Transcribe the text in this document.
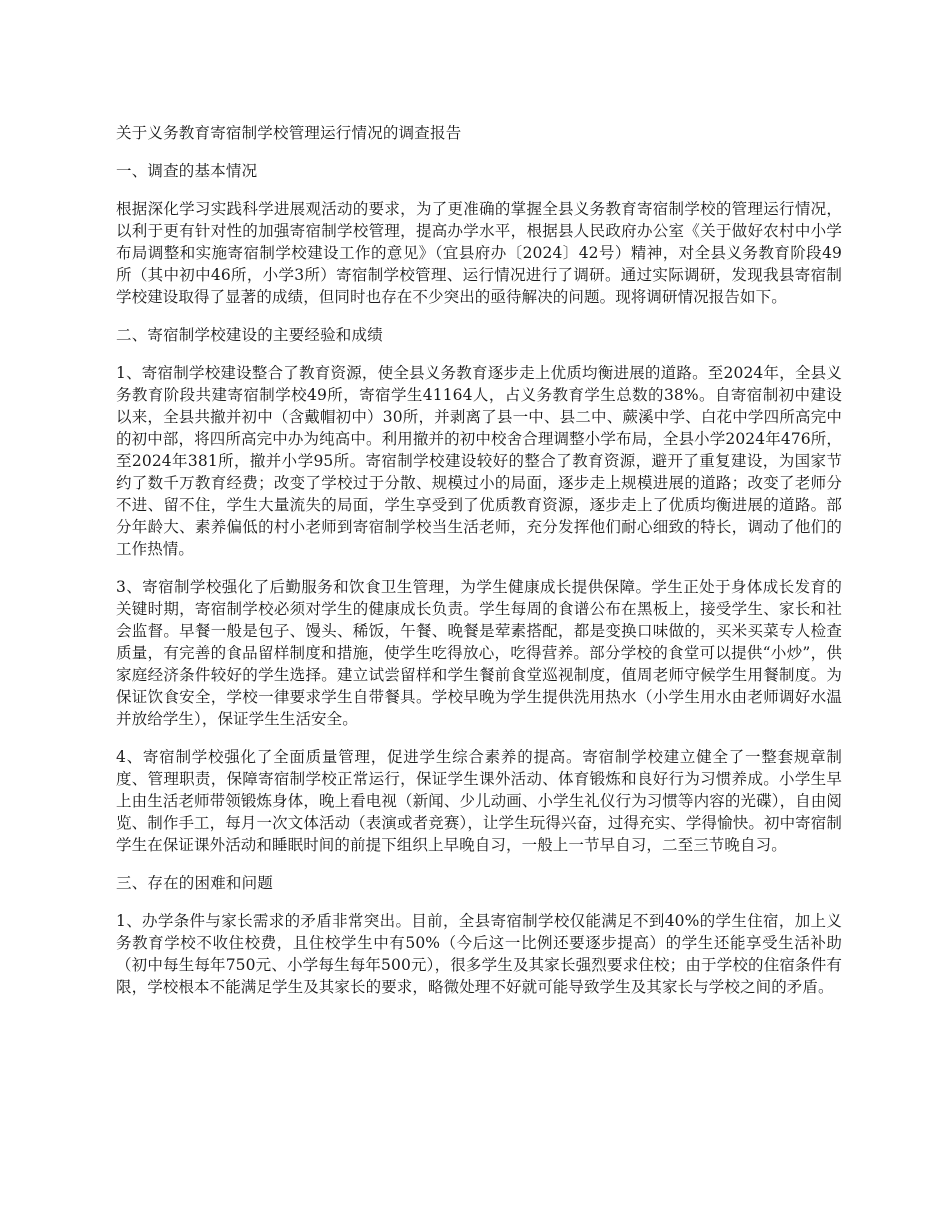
关于义务教育寄宿制学校管理运行情况的调查报告

一、调查的基本情况

根据深化学习实践科学进展观活动的要求，为了更准确的掌握全县义务教育寄宿制学校的管理运行情况，以利于更有针对性的加强寄宿制学校管理，提高办学水平，根据县人民政府办公室《关于做好农村中小学布局调整和实施寄宿制学校建设工作的意见》（宜县府办〔2024〕42号）精神，对全县义务教育阶段49所（其中初中46所，小学3所）寄宿制学校管理、运行情况进行了调研。通过实际调研，发现我县寄宿制学校建设取得了显著的成绩，但同时也存在不少突出的亟待解决的问题。现将调研情况报告如下。

二、寄宿制学校建设的主要经验和成绩

1、寄宿制学校建设整合了教育资源，使全县义务教育逐步走上优质均衡进展的道路。至2024年，全县义务教育阶段共建寄宿制学校49所，寄宿学生41164人，占义务教育学生总数的38%。自寄宿制初中建设以来，全县共撤并初中（含戴帽初中）30所，并剥离了县一中、县二中、蕨溪中学、白花中学四所高完中的初中部，将四所高完中办为纯高中。利用撤并的初中校舍合理调整小学布局，全县小学2024年476所，至2024年381所，撤并小学95所。寄宿制学校建设较好的整合了教育资源，避开了重复建设，为国家节约了数千万教育经费；改变了学校过于分散、规模过小的局面，逐步走上规模进展的道路；改变了老师分不进、留不住，学生大量流失的局面，学生享受到了优质教育资源，逐步走上了优质均衡进展的道路。部分年龄大、素养偏低的村小老师到寄宿制学校当生活老师，充分发挥他们耐心细致的特长，调动了他们的工作热情。

3、寄宿制学校强化了后勤服务和饮食卫生管理，为学生健康成长提供保障。学生正处于身体成长发育的关键时期，寄宿制学校必须对学生的健康成长负责。学生每周的食谱公布在黑板上，接受学生、家长和社会监督。早餐一般是包子、馒头、稀饭，午餐、晚餐是荤素搭配，都是变换口味做的，买米买菜专人检查质量，有完善的食品留样制度和措施，使学生吃得放心，吃得营养。部分学校的食堂可以提供“小炒”，供家庭经济条件较好的学生选择。建立试尝留样和学生餐前食堂巡视制度，值周老师守候学生用餐制度。为保证饮食安全，学校一律要求学生自带餐具。学校早晚为学生提供洗用热水（小学生用水由老师调好水温并放给学生），保证学生生活安全。

4、寄宿制学校强化了全面质量管理，促进学生综合素养的提高。寄宿制学校建立健全了一整套规章制度、管理职责，保障寄宿制学校正常运行，保证学生课外活动、体育锻炼和良好行为习惯养成。小学生早上由生活老师带领锻炼身体，晚上看电视（新闻、少儿动画、小学生礼仪行为习惯等内容的光碟），自由阅览、制作手工，每月一次文体活动（表演或者竞赛），让学生玩得兴奋，过得充实、学得愉快。初中寄宿制学生在保证课外活动和睡眠时间的前提下组织上早晚自习，一般上一节早自习，二至三节晚自习。

三、存在的困难和问题

1、办学条件与家长需求的矛盾非常突出。目前，全县寄宿制学校仅能满足不到40%的学生住宿，加上义务教育学校不收住校费，且住校学生中有50%（今后这一比例还要逐步提高）的学生还能享受生活补助（初中每生每年750元、小学每生每年500元），很多学生及其家长强烈要求住校；由于学校的住宿条件有限，学校根本不能满足学生及其家长的要求，略微处理不好就可能导致学生及其家长与学校之间的矛盾。
